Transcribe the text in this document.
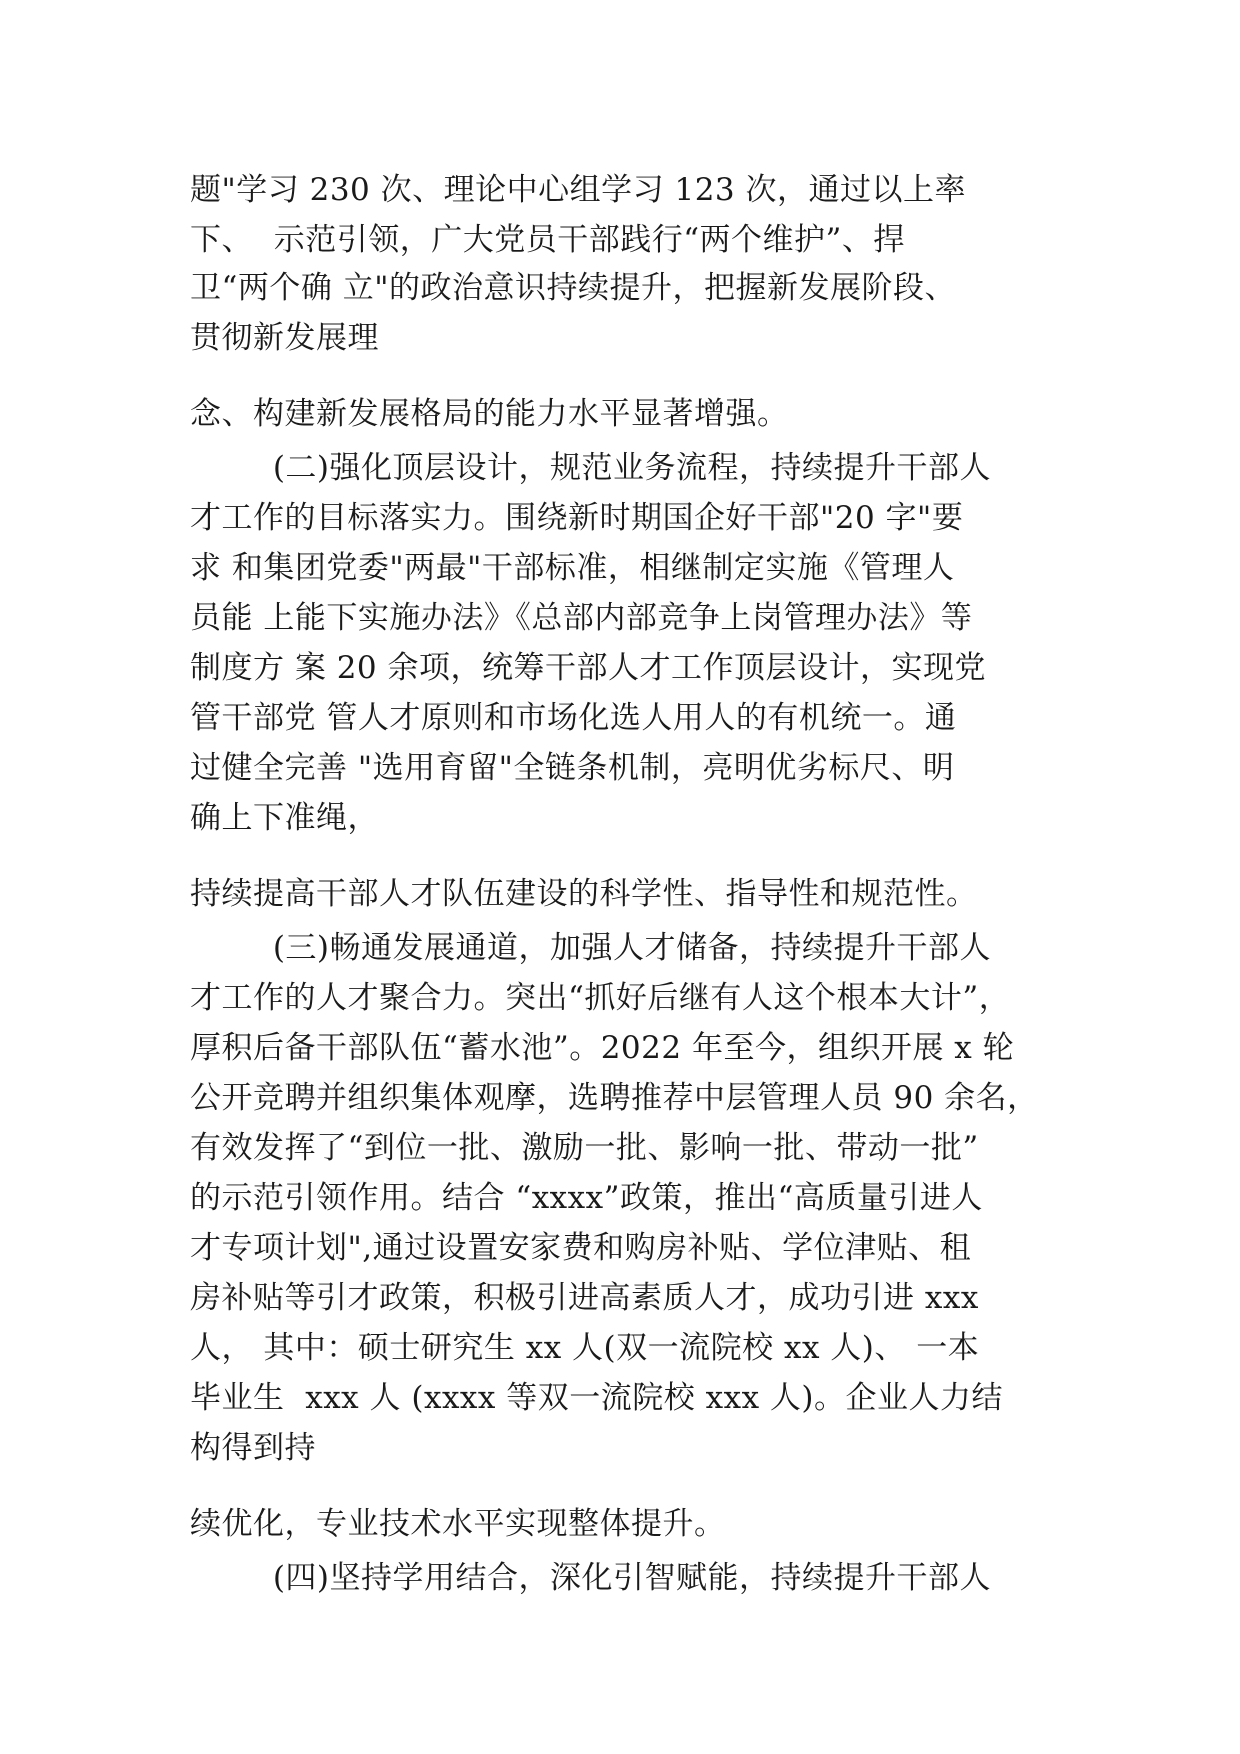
题"学习 230 次、理论中心组学习 123 次，通过以上率
下、  示范引领，广大党员干部践行“两个维护”、捍
卫“两个确 立"的政治意识持续提升，把握新发展阶段、
贯彻新发展理
念、构建新发展格局的能力水平显著增强。
(二)强化顶层设计，规范业务流程，持续提升干部人
才工作的目标落实力。围绕新时期国企好干部"20 字"要
求 和集团党委"两最"干部标准，相继制定实施《管理人
员能 上能下实施办法》《总部内部竞争上岗管理办法》等
制度方 案 20 余项，统筹干部人才工作顶层设计，实现党
管干部党 管人才原则和市场化选人用人的有机统一。通
过健全完善 "选用育留"全链条机制，亮明优劣标尺、明
确上下准绳，
持续提高干部人才队伍建设的科学性、指导性和规范性。
(三)畅通发展通道，加强人才储备，持续提升干部人
才工作的人才聚合力。突出“抓好后继有人这个根本大计”，
厚积后备干部队伍“蓄水池”。2022 年至今，组织开展 x 轮
公开竞聘并组织集体观摩，选聘推荐中层管理人员 90 余名，
有效发挥了“到位一批、激励一批、影响一批、带动一批”
的示范引领作用。结合 “xxxx”政策，推出“高质量引进人
才专项计划",通过设置安家费和购房补贴、学位津贴、租
房补贴等引才政策，积极引进高素质人才，成功引进 xxx
人， 其中：硕士研究生 xx 人(双一流院校 xx 人)、 一本
毕业生  xxx 人 (xxxx 等双一流院校 xxx 人)。企业人力结
构得到持
续优化，专业技术水平实现整体提升。
(四)坚持学用结合，深化引智赋能，持续提升干部人
